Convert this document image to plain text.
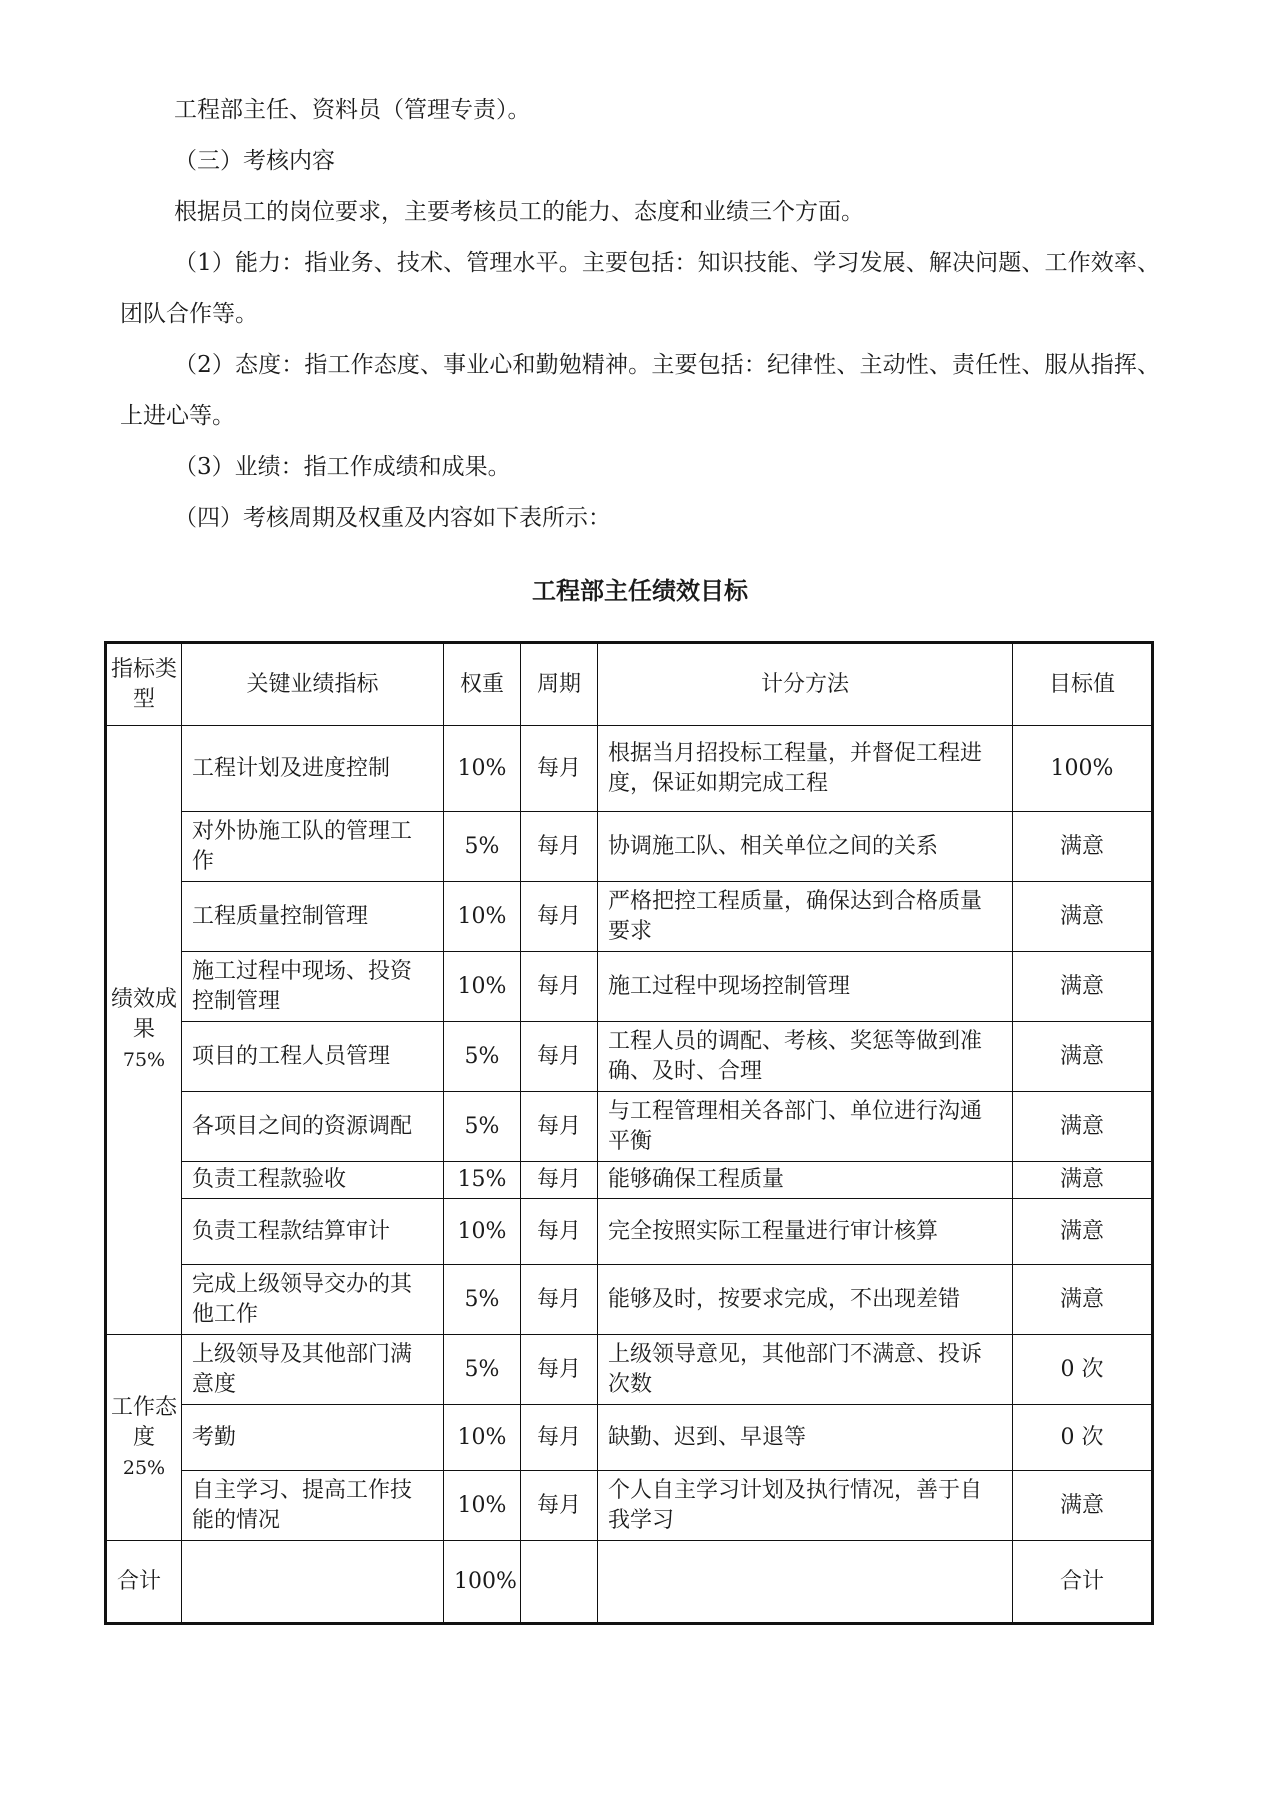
工程部主任、资料员（管理专责）。

（三）考核内容

根据员工的岗位要求，主要考核员工的能力、态度和业绩三个方面。

（1）能力：指业务、技术、管理水平。主要包括：知识技能、学习发展、解决问题、工作效率、团队合作等。

（2）态度：指工作态度、事业心和勤勉精神。主要包括：纪律性、主动性、责任性、服从指挥、上进心等。

（3）业绩：指工作成绩和成果。

（四）考核周期及权重及内容如下表所示：

工程部主任绩效目标
指标类型	关键业绩指标	权重	周期	计分方法	目标值
绩效成果
75%	工程计划及进度控制	10%	每月	根据当月招投标工程量，并督促工程进度，保证如期完成工程	100%
	对外协施工队的管理工作	5%	每月	协调施工队、相关单位之间的关系	满意
	工程质量控制管理	10%	每月	严格把控工程质量，确保达到合格质量要求	满意
	施工过程中现场、投资控制管理	10%	每月	施工过程中现场控制管理	满意
	项目的工程人员管理	5%	每月	工程人员的调配、考核、奖惩等做到准确、及时、合理	满意
	各项目之间的资源调配	5%	每月	与工程管理相关各部门、单位进行沟通平衡	满意
	负责工程款验收	15%	每月	能够确保工程质量	满意
	负责工程款结算审计	10%	每月	完全按照实际工程量进行审计核算	满意
	完成上级领导交办的其他工作	5%	每月	能够及时，按要求完成，不出现差错	满意
工作态度
25%	上级领导及其他部门满意度	5%	每月	上级领导意见，其他部门不满意、投诉次数	0 次
	考勤	10%	每月	缺勤、迟到、早退等	0 次
	自主学习、提高工作技能的情况	10%	每月	个人自主学习计划及执行情况，善于自我学习	满意
合计		100%			合计
